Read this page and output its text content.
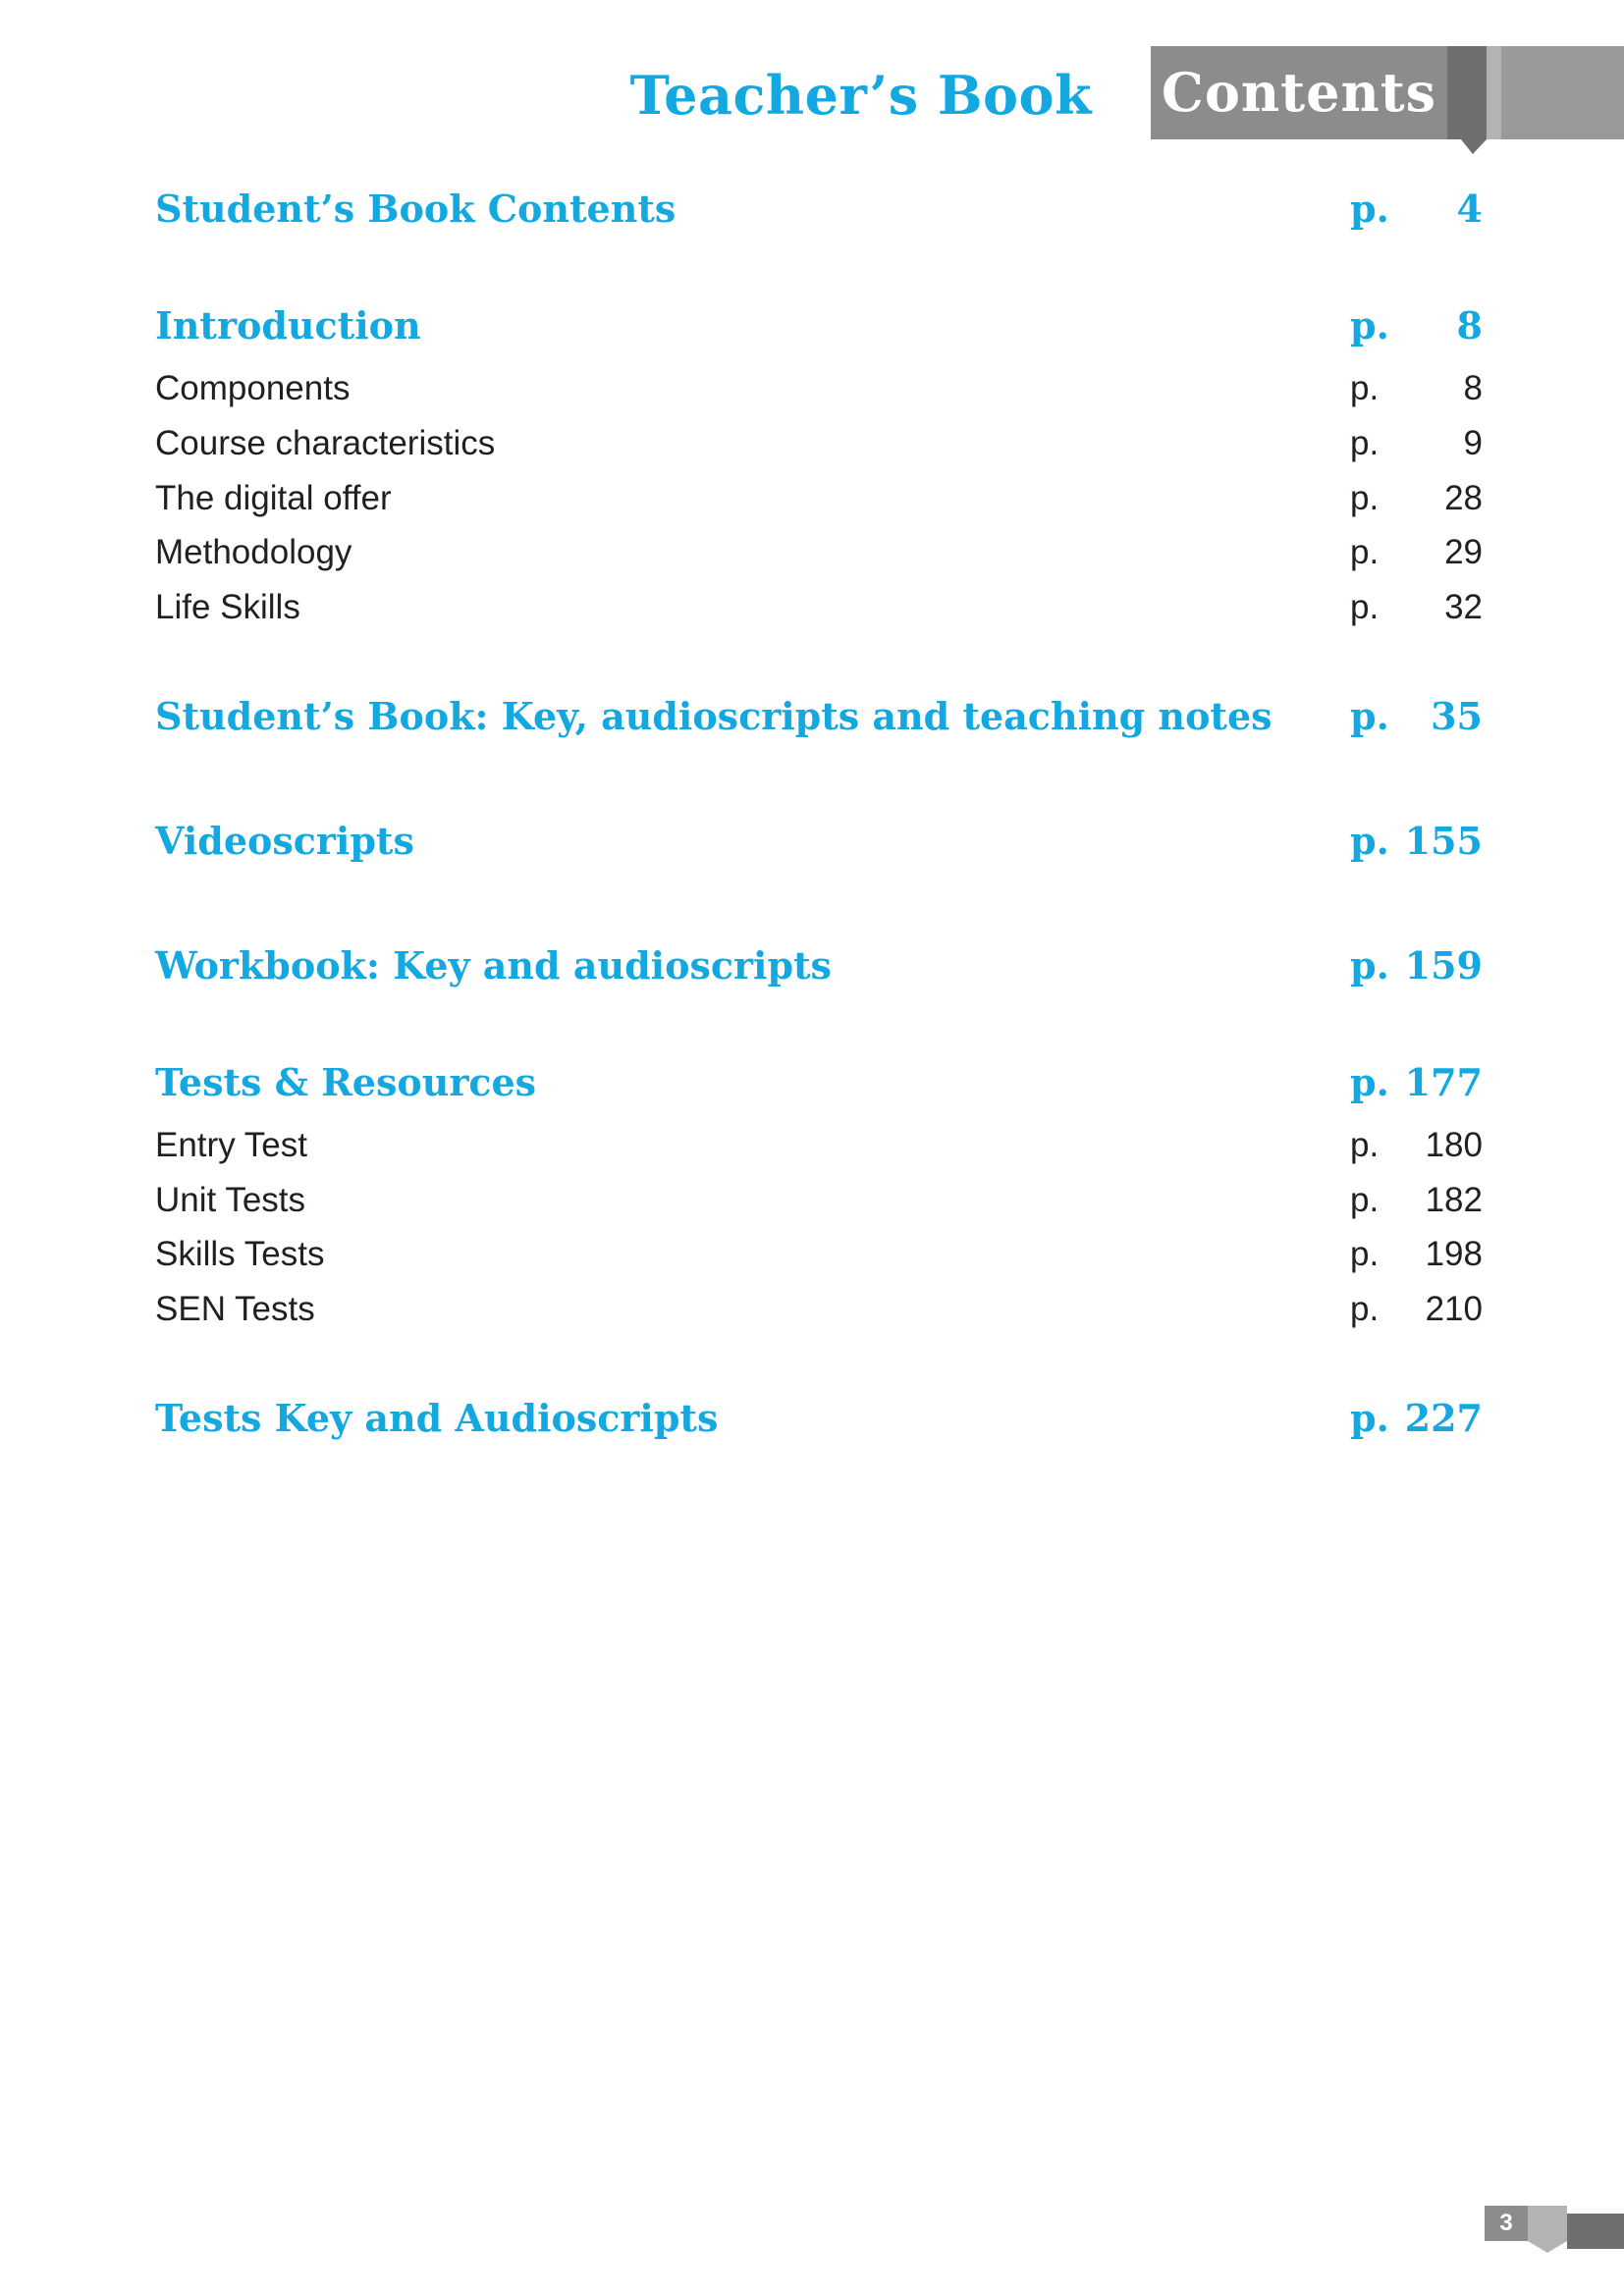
Teacher’s Book Contents
Student’s Book Contents	p. 4
Introduction	p. 8
Components	p. 8
Course characteristics	p. 9
The digital offer	p. 28
Methodology	p. 29
Life Skills	p. 32
Student’s Book: Key, audioscripts and teaching notes p. 35
Videoscripts	p. 155
Workbook: Key and audioscripts	p. 159
Tests & Resources	p. 177
Entry Test	p. 180
Unit Tests	p. 182
Skills Tests	p. 198
SEN Tests	p. 210
Tests Key and Audioscripts	p. 227
3
